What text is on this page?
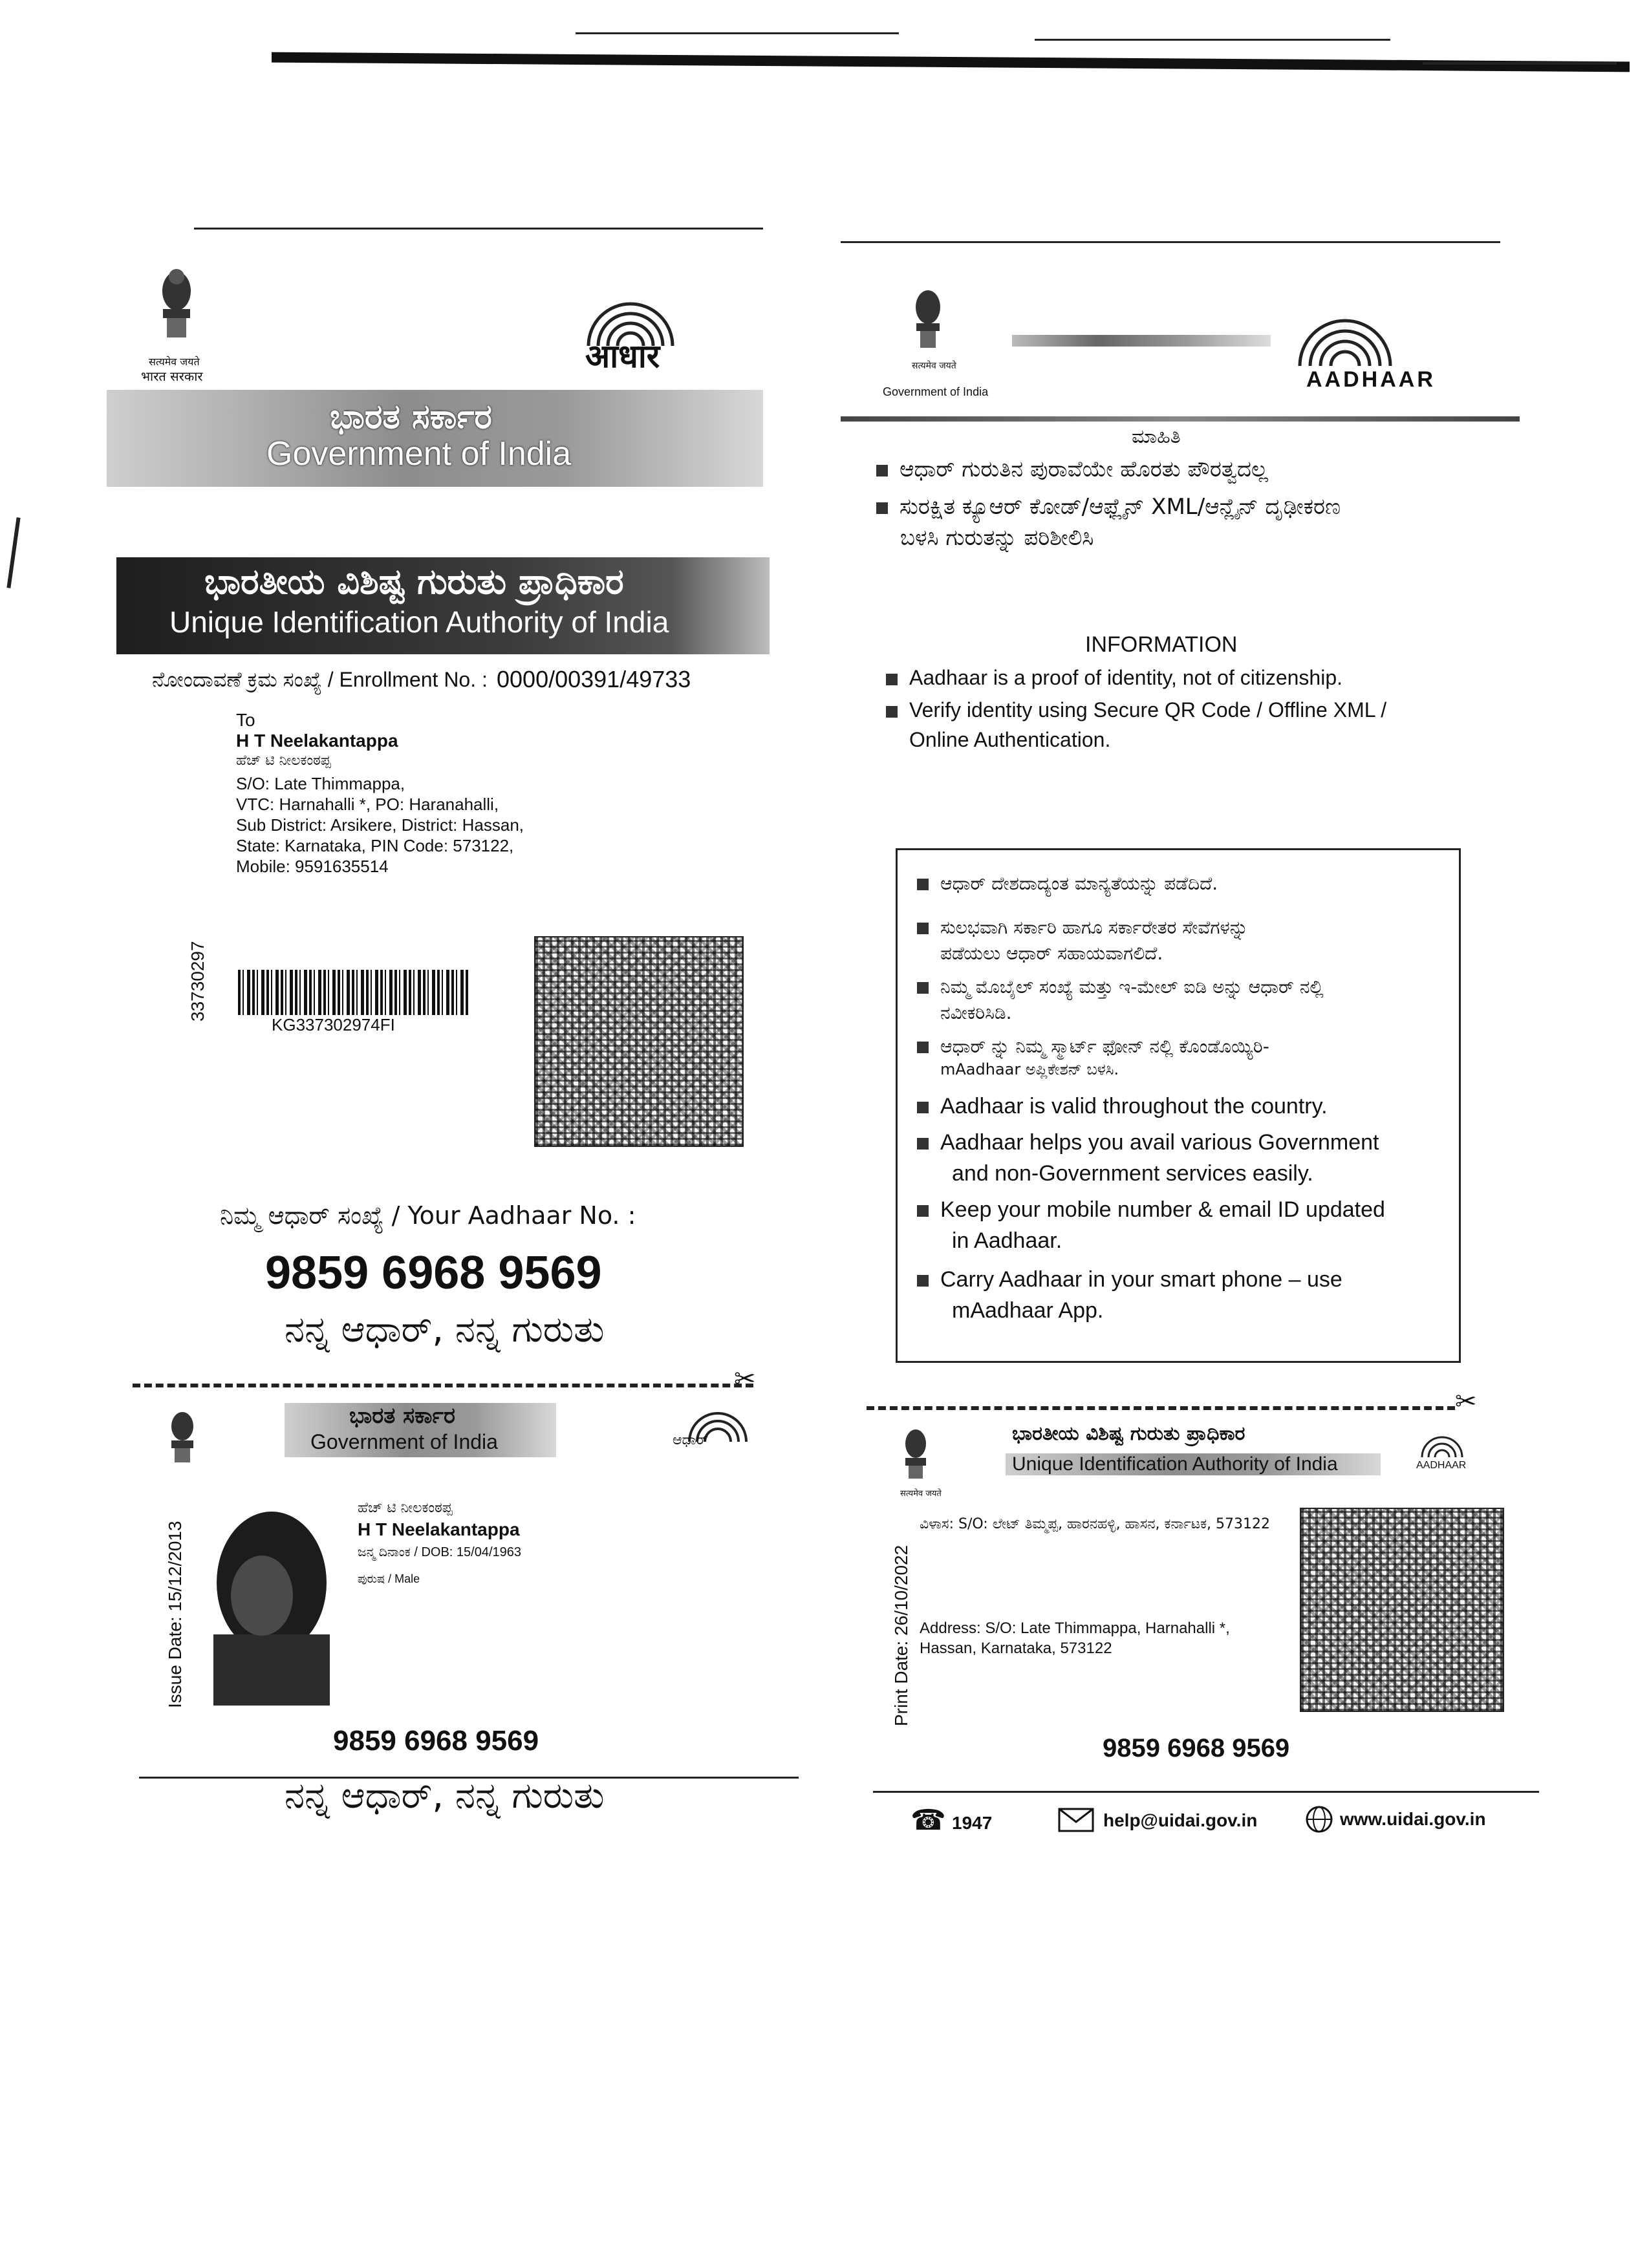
सत्यमेव जयते
भारत सरकार
आधार
ಭಾರತ ಸರ್ಕಾರ
Government of India
ಭಾರತೀಯ ವಿಶಿಷ್ಟ ಗುರುತು ಪ್ರಾಧಿಕಾರ
Unique Identification Authority of India
ನೋಂದಾವಣೆ ಕ್ರಮ ಸಂಖ್ಯೆ / Enrollment No. : 0000/00391/49733
To
H T Neelakantappa
ಹೆಚ್ ಟಿ ನೀಲಕಂಠಪ್ಪ
S/O: Late Thimmappa,
VTC: Harnahalli *, PO: Haranahalli,
Sub District: Arsikere, District: Hassan,
State: Karnataka, PIN Code: 573122,
Mobile: 9591635514
33730297
KG337302974FI
ನಿಮ್ಮ ಆಧಾರ್ ಸಂಖ್ಯೆ / Your Aadhaar No. :
9859 6968 9569
ನನ್ನ ಆಧಾರ್, ನನ್ನ ಗುರುತು
✂
✂
ಭಾರತ ಸರ್ಕಾರ
Government of India	ಆಧಾರ್
Issue Date: 15/12/2013
ಹೆಚ್ ಟಿ ನೀಲಕಂಠಪ್ಪ
H T Neelakantappa
ಜನ್ಮ ದಿನಾಂಕ / DOB: 15/04/1963
ಪುರುಷ / Male
9859 6968 9569
ನನ್ನ ಆಧಾರ್, ನನ್ನ ಗುರುತು
सत्यमेव जयते
Government of India	AADHAAR
ಮಾಹಿತಿ
ಆಧಾರ್ ಗುರುತಿನ ಪುರಾವೆಯೇ ಹೊರತು ಪೌರತ್ವದಲ್ಲ
ಸುರಕ್ಷಿತ ಕ್ಯೂಆರ್ ಕೋಡ್/ಆಫ್ಲೈನ್ XML/ಆನ್ಲೈನ್ ದೃಢೀಕರಣ
ಬಳಸಿ ಗುರುತನ್ನು ಪರಿಶೀಲಿಸಿ
INFORMATION
Aadhaar is a proof of identity, not of citizenship.
Verify identity using Secure QR Code / Offline XML /
Online Authentication.
ಆಧಾರ್ ದೇಶದಾದ್ಯಂತ ಮಾನ್ಯತೆಯನ್ನು ಪಡೆದಿದೆ.
ಸುಲಭವಾಗಿ ಸರ್ಕಾರಿ ಹಾಗೂ ಸರ್ಕಾರೇತರ ಸೇವೆಗಳನ್ನು
ಪಡೆಯಲು ಆಧಾರ್ ಸಹಾಯವಾಗಲಿದೆ.
ನಿಮ್ಮ ಮೊಬೈಲ್ ಸಂಖ್ಯೆ ಮತ್ತು ಇ-ಮೇಲ್ ಐಡಿ ಅನ್ನು ಆಧಾರ್ ನಲ್ಲಿ
ನವೀಕರಿಸಿಡಿ.
ಆಧಾರ್ ನ್ನು ನಿಮ್ಮ ಸ್ಮಾರ್ಟ್ ಫೋನ್ ನಲ್ಲಿ ಕೊಂಡೊಯ್ಯಿರಿ-
mAadhaar ಅಪ್ಲಿಕೇಶನ್ ಬಳಸಿ.
Aadhaar is valid throughout the country.
Aadhaar helps you avail various Government
and non-Government services easily.
Keep your mobile number & email ID updated
in Aadhaar.
Carry Aadhaar in your smart phone – use
mAadhaar App.
सत्यमेव जयते
ಭಾರತೀಯ ವಿಶಿಷ್ಟ ಗುರುತು ಪ್ರಾಧಿಕಾರ
Unique Identification Authority of India	AADHAAR
ವಿಳಾಸ: S/O: ಲೇಟ್ ತಿಮ್ಮಪ್ಪ, ಹಾರನಹಳ್ಳಿ, ಹಾಸನ, ಕರ್ನಾಟಕ, 573122
Print Date: 26/10/2022 Address: S/O: Late Thimmappa, Harnahalli *,
Hassan, Karnataka, 573122
9859 6968 9569
☎ 1947	help@uidai.gov.in	www.uidai.gov.in
